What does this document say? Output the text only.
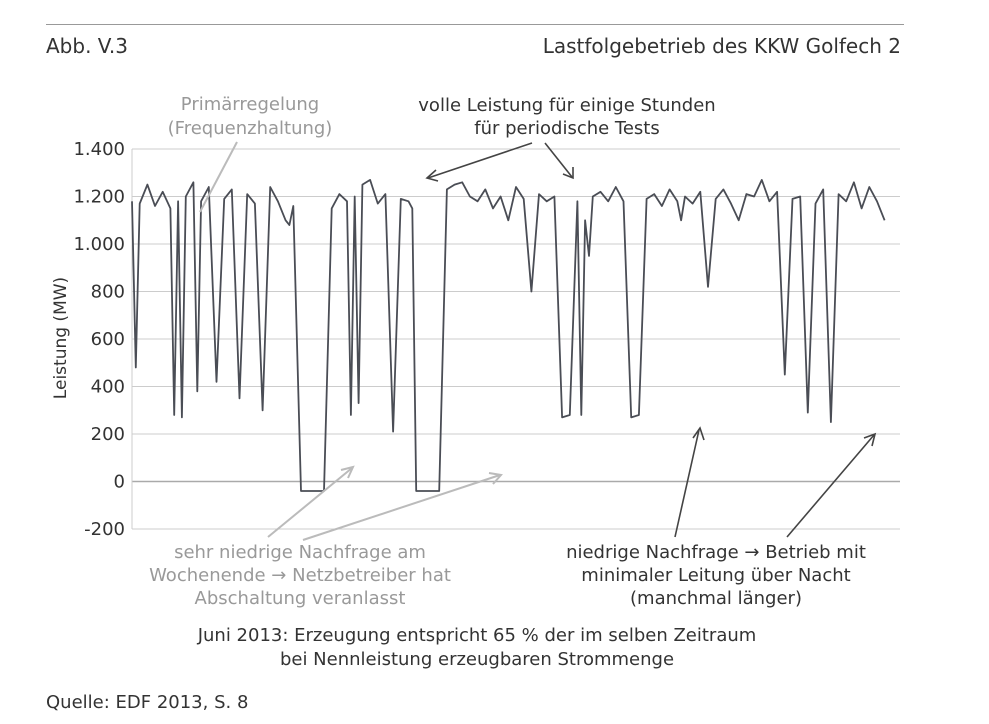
Abb. V.3	Lastfolgebetrieb des KKW Golfech 2
1.400
1.200
1.000
800
600
400
200
0
-200
Leistung (MW)
Primärregelung
(Frequenzhaltung)
volle Leistung für einige Stunden
für periodische Tests
sehr niedrige Nachfrage am
Wochenende → Netzbetreiber hat
Abschaltung veranlasst
niedrige Nachfrage → Betrieb mit
minimaler Leitung über Nacht
(manchmal länger)
Juni 2013: Erzeugung entspricht 65 % der im selben Zeitraum
bei Nennleistung erzeugbaren Strommenge
Quelle: EDF 2013, S. 8
